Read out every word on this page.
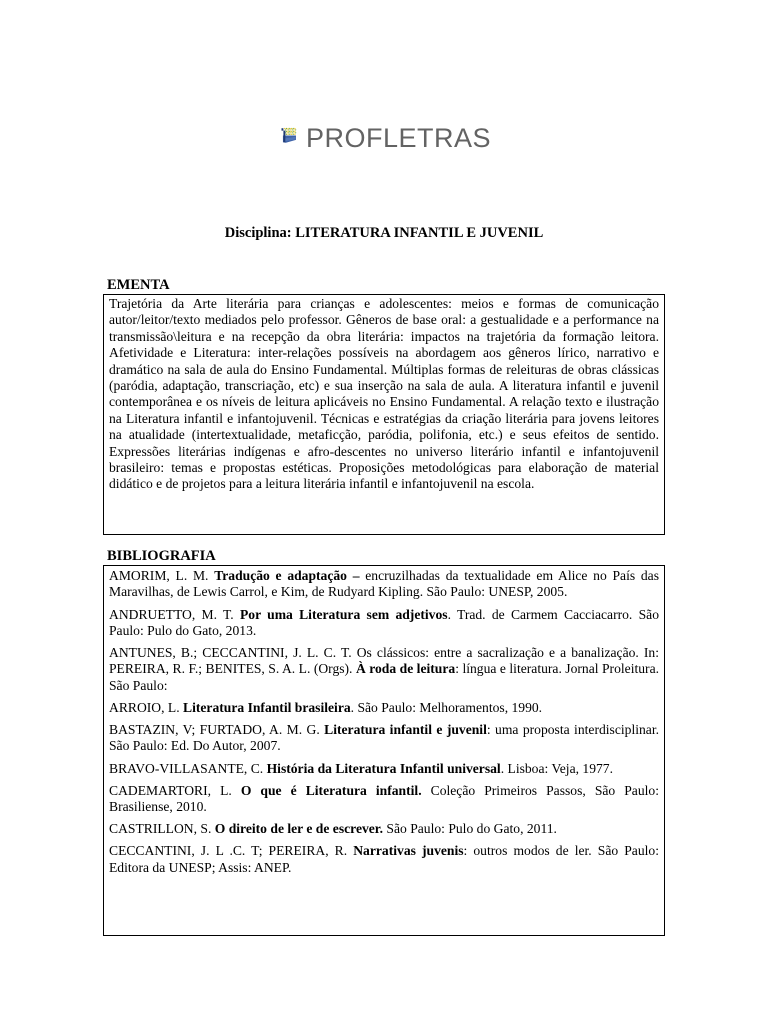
PROFLETRAS
Disciplina: LITERATURA INFANTIL E JUVENIL
EMENTA

Trajetória da Arte literária para crianças e adolescentes: meios e formas de comunicação autor/leitor/texto mediados pelo professor. Gêneros de base oral: a gestualidade e a performance na transmissão\leitura e na recepção da obra literária: impactos na trajetória da formação leitora. Afetividade e Literatura: inter-relações possíveis na abordagem aos gêneros lírico, narrativo e dramático na sala de aula do Ensino Fundamental. Múltiplas formas de releituras de obras clássicas (paródia, adaptação, transcriação, etc) e sua inserção na sala de aula. A literatura infantil e juvenil contemporânea e os níveis de leitura aplicáveis no Ensino Fundamental. A relação texto e ilustração na Literatura infantil e infantojuvenil. Técnicas e estratégias da criação literária para jovens leitores na atualidade (intertextualidade, metaficção, paródia, polifonia, etc.) e seus efeitos de sentido. Expressões literárias indígenas e afro-descentes no universo literário infantil e infantojuvenil brasileiro: temas e propostas estéticas. Proposições metodológicas para elaboração de material didático e de projetos para a leitura literária infantil e infantojuvenil na escola.

BIBLIOGRAFIA

AMORIM, L. M. Tradução e adaptação – encruzilhadas da textualidade em Alice no País das Maravilhas, de Lewis Carrol, e Kim, de Rudyard Kipling. São Paulo: UNESP, 2005.

ANDRUETTO, M. T. Por uma Literatura sem adjetivos. Trad. de Carmem Cacciacarro. São Paulo: Pulo do Gato, 2013.

ANTUNES, B.; CECCANTINI, J. L. C. T. Os clássicos: entre a sacralização e a banalização. In: PEREIRA, R. F.; BENITES, S. A. L. (Orgs). À roda de leitura: língua e literatura. Jornal Proleitura. São Paulo:

ARROIO, L. Literatura Infantil brasileira. São Paulo: Melhoramentos, 1990.

BASTAZIN, V; FURTADO, A. M. G. Literatura infantil e juvenil: uma proposta interdisciplinar. São Paulo: Ed. Do Autor, 2007.

BRAVO-VILLASANTE, C. História da Literatura Infantil universal. Lisboa: Veja, 1977.

CADEMARTORI, L. O que é Literatura infantil. Coleção Primeiros Passos, São Paulo: Brasiliense, 2010.

CASTRILLON, S. O direito de ler e de escrever. São Paulo: Pulo do Gato, 2011.

CECCANTINI, J. L .C. T; PEREIRA, R. Narrativas juvenis: outros modos de ler. São Paulo: Editora da UNESP; Assis: ANEP.
